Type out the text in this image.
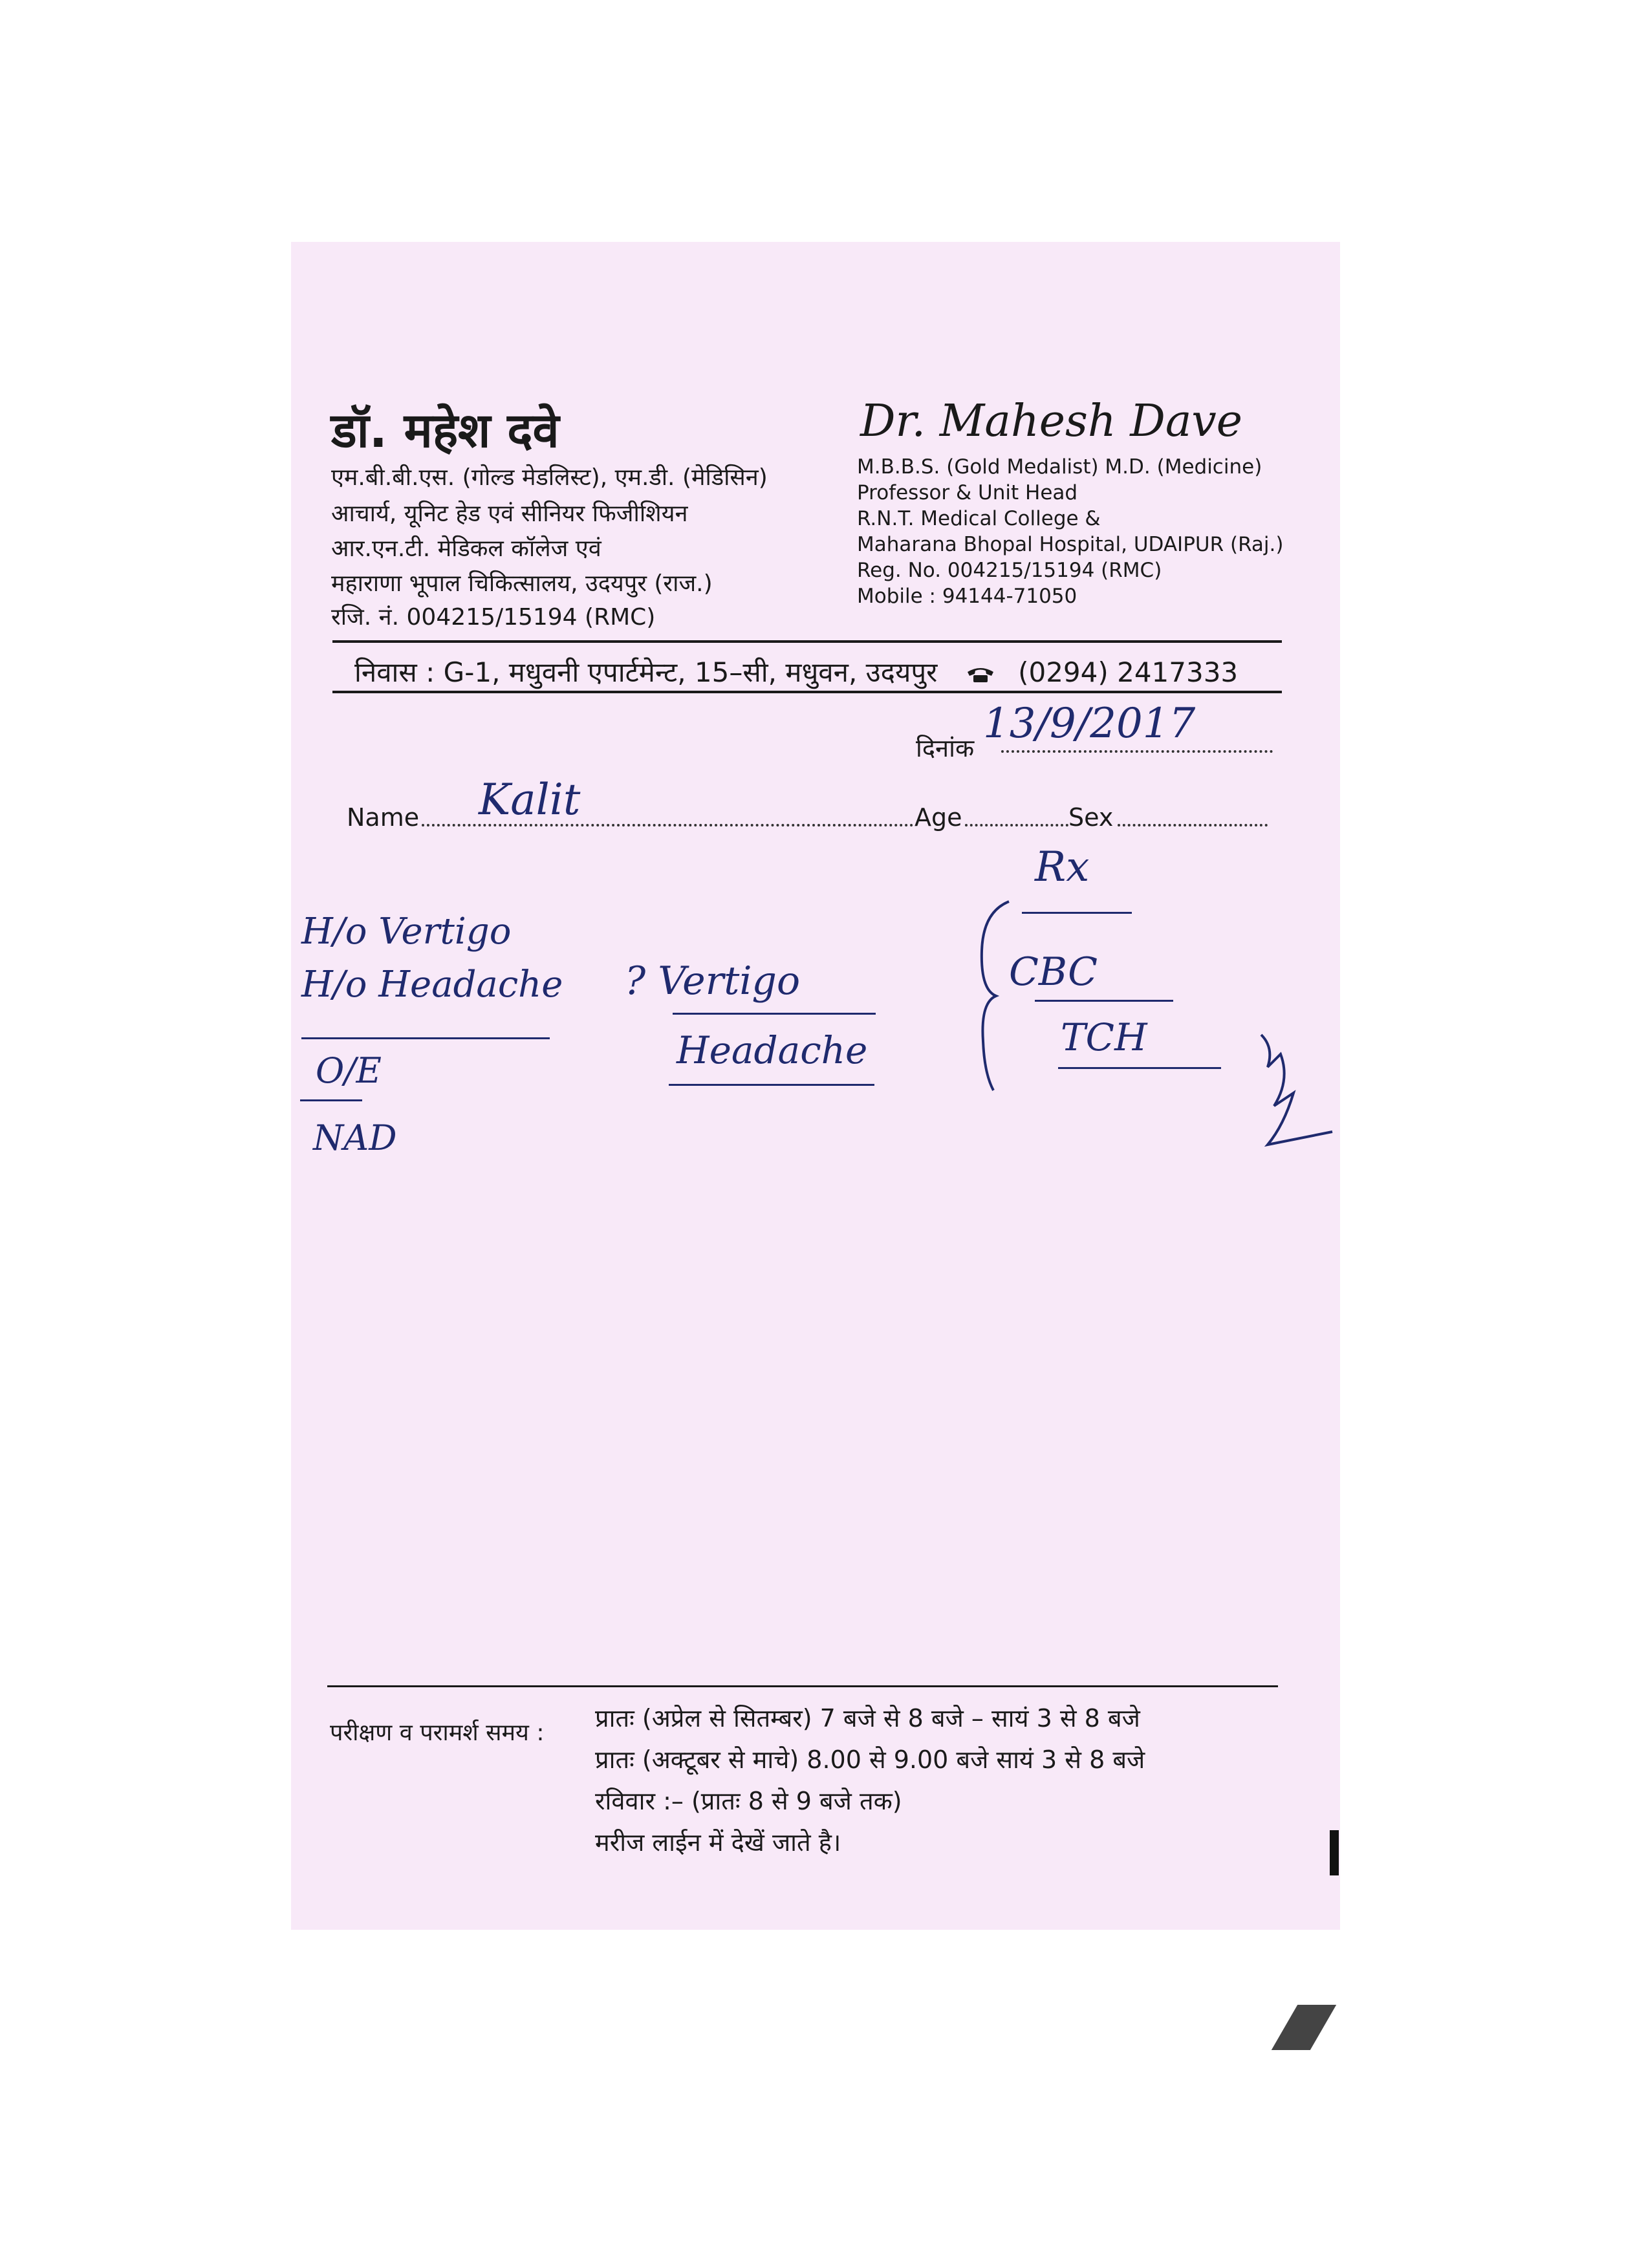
डॉ. महेश दवे	Dr. Mahesh Dave
एम.बी.बी.एस. (गोल्ड मेडलिस्ट), एम.डी. (मेडिसिन)
आचार्य, यूनिट हेड एवं सीनियर फिजीशियन
आर.एन.टी. मेडिकल कॉलेज एवं
महाराणा भूपाल चिकित्सालय, उदयपुर (राज.)
रजि. नं. 004215/15194 (RMC)
M.B.B.S. (Gold Medalist) M.D. (Medicine)
Professor & Unit Head
R.N.T. Medical College &
Maharana Bhopal Hospital, UDAIPUR (Raj.)
Reg. No. 004215/15194 (RMC)
Mobile : 94144-71050
निवास : G-1, मधुवनी एपार्टमेन्ट, 15–सी, मधुवन, उदयपुर	(0294) 2417333
दिनांक
13/9/2017
Name Kalit	Age	Sex
H/o Vertigo
H/o Headache
O/E
NAD
? Vertigo
Headache
Rx
CBC
TCH
परीक्षण व परामर्श समय :
प्रातः (अप्रेल से सितम्बर) 7 बजे से 8 बजे – सायं 3 से 8 बजे
प्रातः (अक्टूबर से माचे) 8.00 से 9.00 बजे सायं 3 से 8 बजे
रविवार :– (प्रातः 8 से 9 बजे तक)
मरीज लाईन में देखें जाते है।
